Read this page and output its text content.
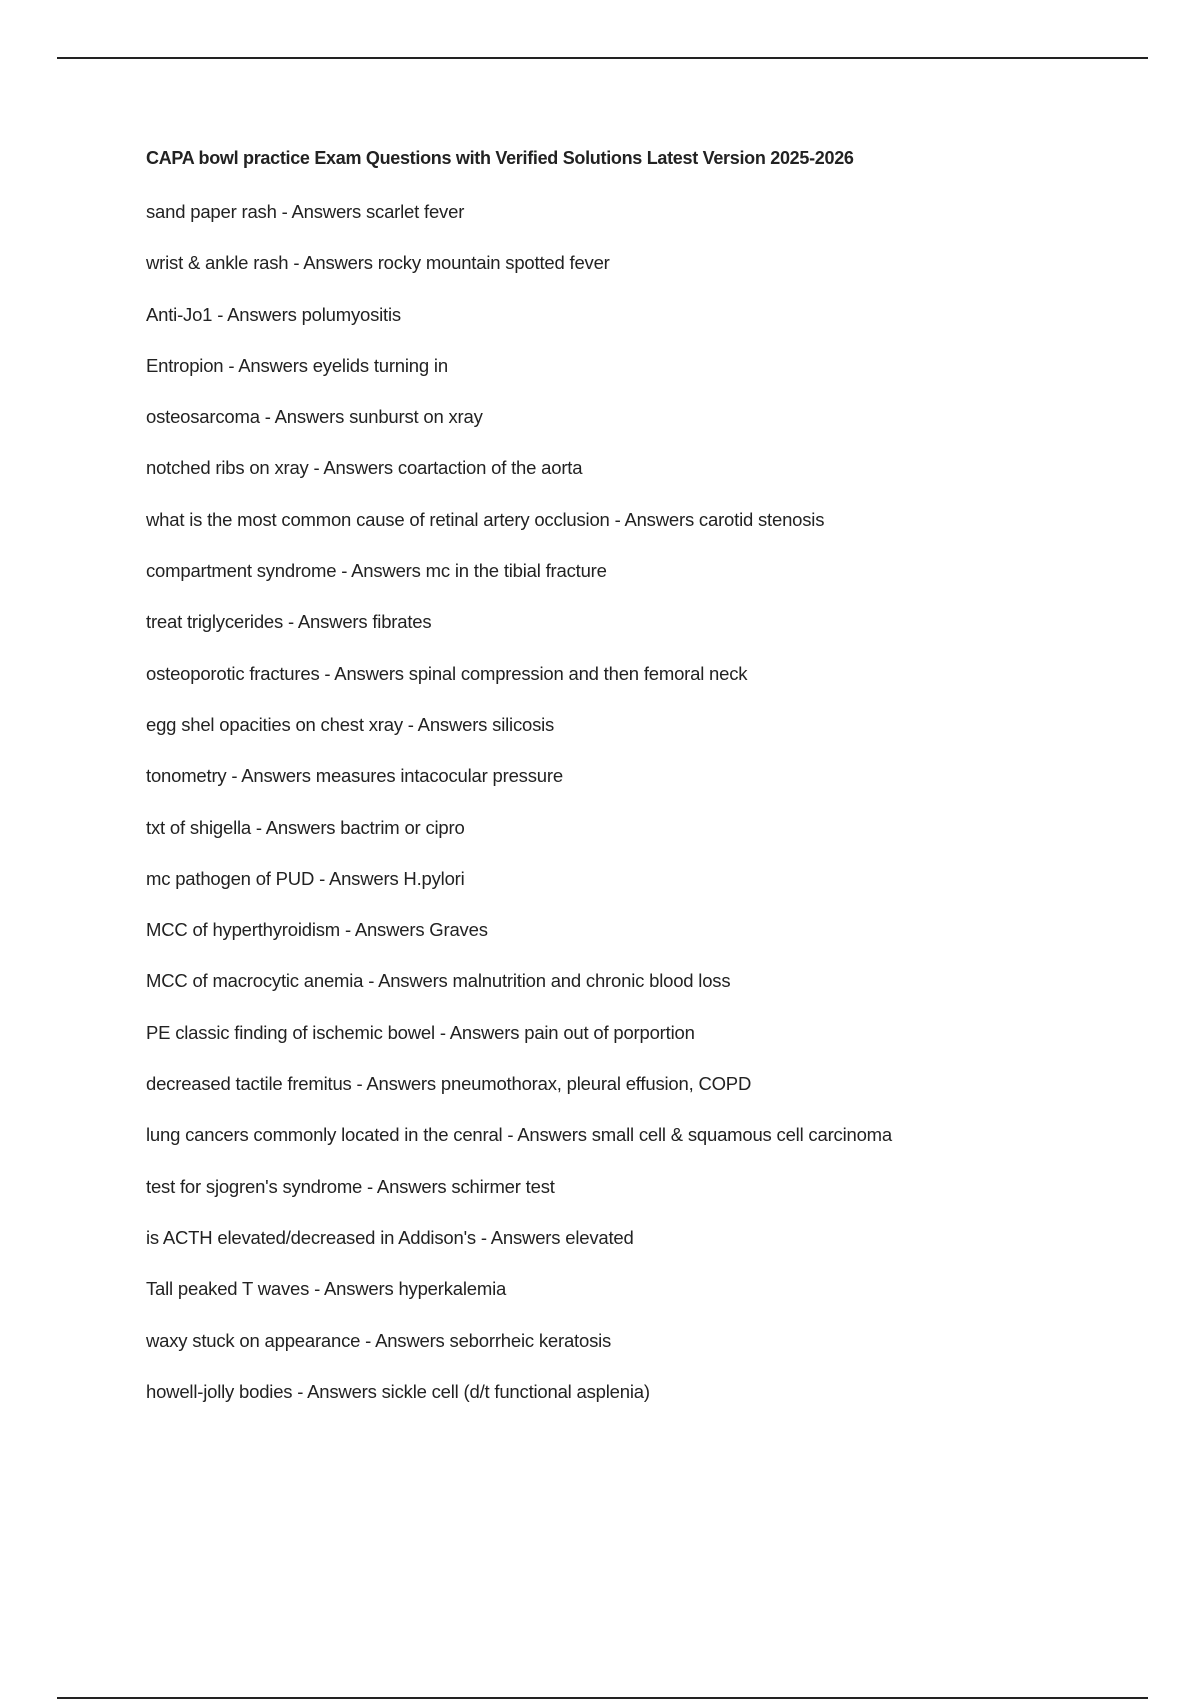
CAPA bowl practice Exam Questions with Verified Solutions Latest Version 2025-2026
sand paper rash - Answers scarlet fever
wrist & ankle rash - Answers rocky mountain spotted fever
Anti-Jo1 - Answers polumyositis
Entropion - Answers eyelids turning in
osteosarcoma - Answers sunburst on xray
notched ribs on xray - Answers coartaction of the aorta
what is the most common cause of retinal artery occlusion - Answers carotid stenosis
compartment syndrome - Answers mc in the tibial fracture
treat triglycerides - Answers fibrates
osteoporotic fractures - Answers spinal compression and then femoral neck
egg shel opacities on chest xray - Answers silicosis
tonometry - Answers measures intacocular pressure
txt of shigella - Answers bactrim or cipro
mc pathogen of PUD - Answers H.pylori
MCC of hyperthyroidism - Answers Graves
MCC of macrocytic anemia - Answers malnutrition and chronic blood loss
PE classic finding of ischemic bowel - Answers pain out of porportion
decreased tactile fremitus - Answers pneumothorax, pleural effusion, COPD
lung cancers commonly located in the cenral - Answers small cell & squamous cell carcinoma
test for sjogren's syndrome - Answers schirmer test
is ACTH elevated/decreased in Addison's - Answers elevated
Tall peaked T waves - Answers hyperkalemia
waxy stuck on appearance - Answers seborrheic keratosis
howell-jolly bodies - Answers sickle cell (d/t functional asplenia)
